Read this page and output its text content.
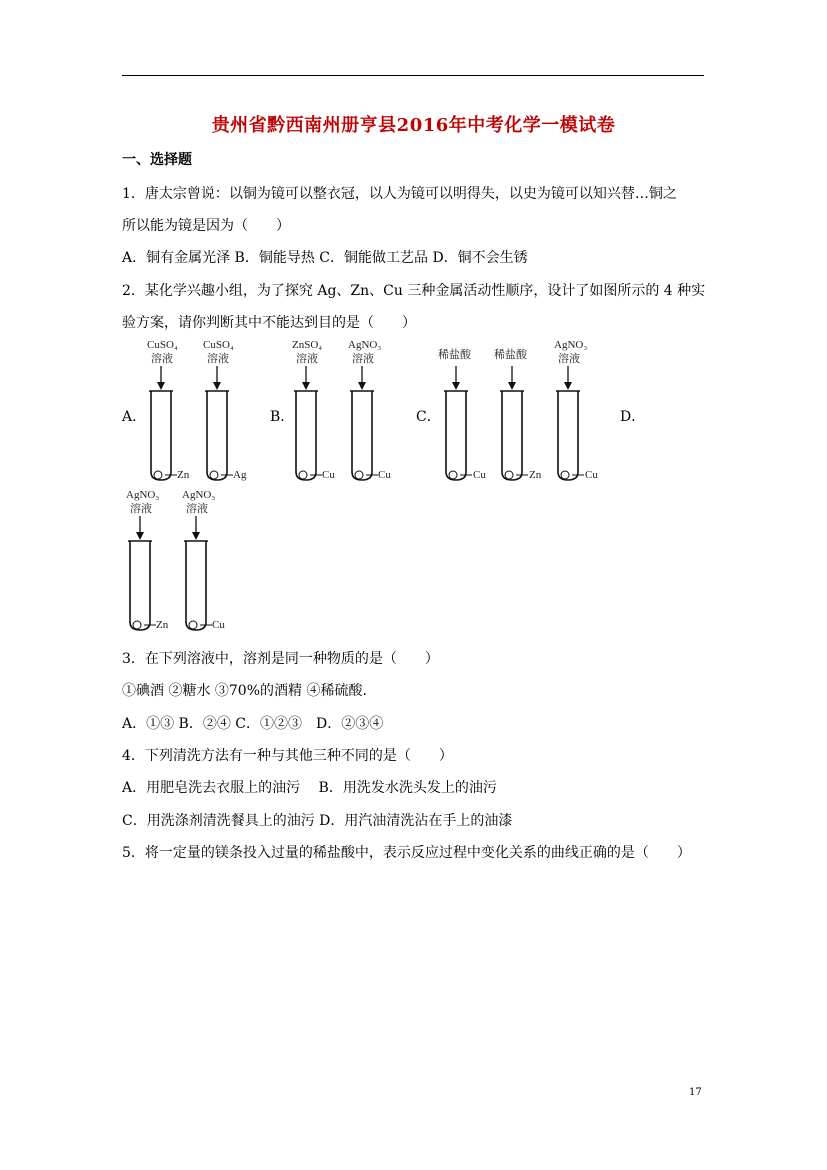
贵州省黔西南州册亨县2016年中考化学一模试卷
一、选择题
1．唐太宗曾说：以铜为镜可以整衣冠，以人为镜可以明得失，以史为镜可以知兴替…铜之
所以能为镜是因为（　　）
A．铜有金属光泽 B．铜能导热 C．铜能做工艺品 D．铜不会生锈
2．某化学兴趣小组，为了探究 Ag、Zn、Cu 三种金属活动性顺序，设计了如图所示的 4 种实
验方案，请你判断其中不能达到目的是（　　）
A．	B．	C．	D．
CuSO₄
溶液
Zn
CuSO₄
溶液
Ag
ZnSO₄
溶液
Cu
AgNO₃
溶液
Cu
稀盐酸
Cu
稀盐酸
Zn
AgNO₃
溶液
Cu
AgNO₃
溶液
Zn
AgNO₃
溶液
Cu
3．在下列溶液中，溶剂是同一种物质的是（　　）
①碘酒 ②糖水 ③70%的酒精 ④稀硫酸．
A．①③ B．②④ C．①②③　D．②③④
4．下列清洗方法有一种与其他三种不同的是（　　）
A．用肥皂洗去衣服上的油污　 B．用洗发水洗头发上的油污
C．用洗涤剂清洗餐具上的油污 D．用汽油清洗沾在手上的油漆
5．将一定量的镁条投入过量的稀盐酸中，表示反应过程中变化关系的曲线正确的是（　　）
17
